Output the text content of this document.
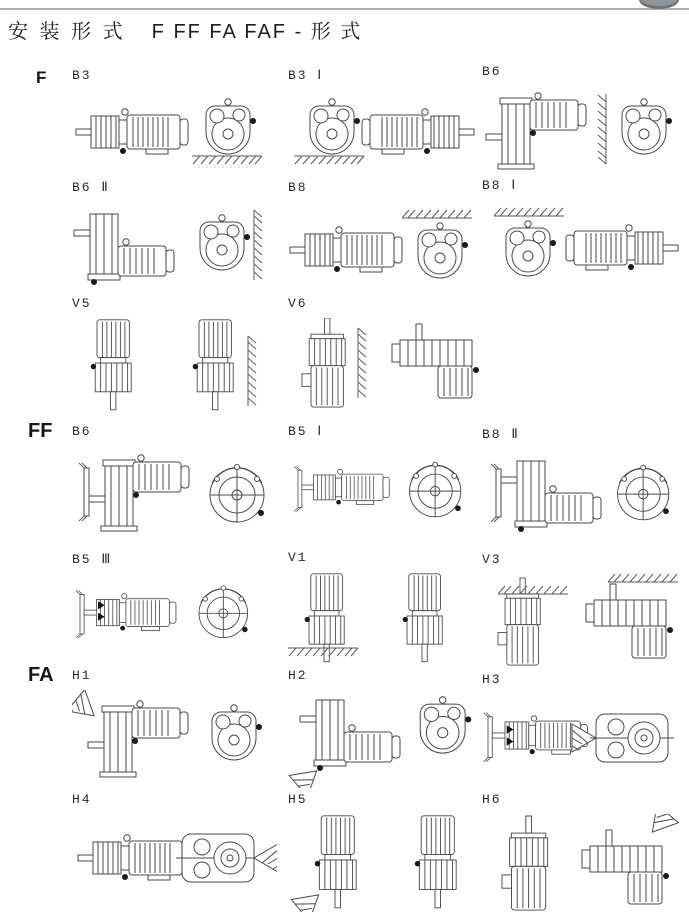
安 装 形 式 F FF FA FAF - 形 式
F B3	B3 Ⅰ	B6
B6 Ⅱ	B8	B8 Ⅰ
V5	V6
FF B6	B5 Ⅰ	B8 Ⅱ
B5 Ⅲ	V1	V3
FA H1	H2	H3
H4	H5	H6
